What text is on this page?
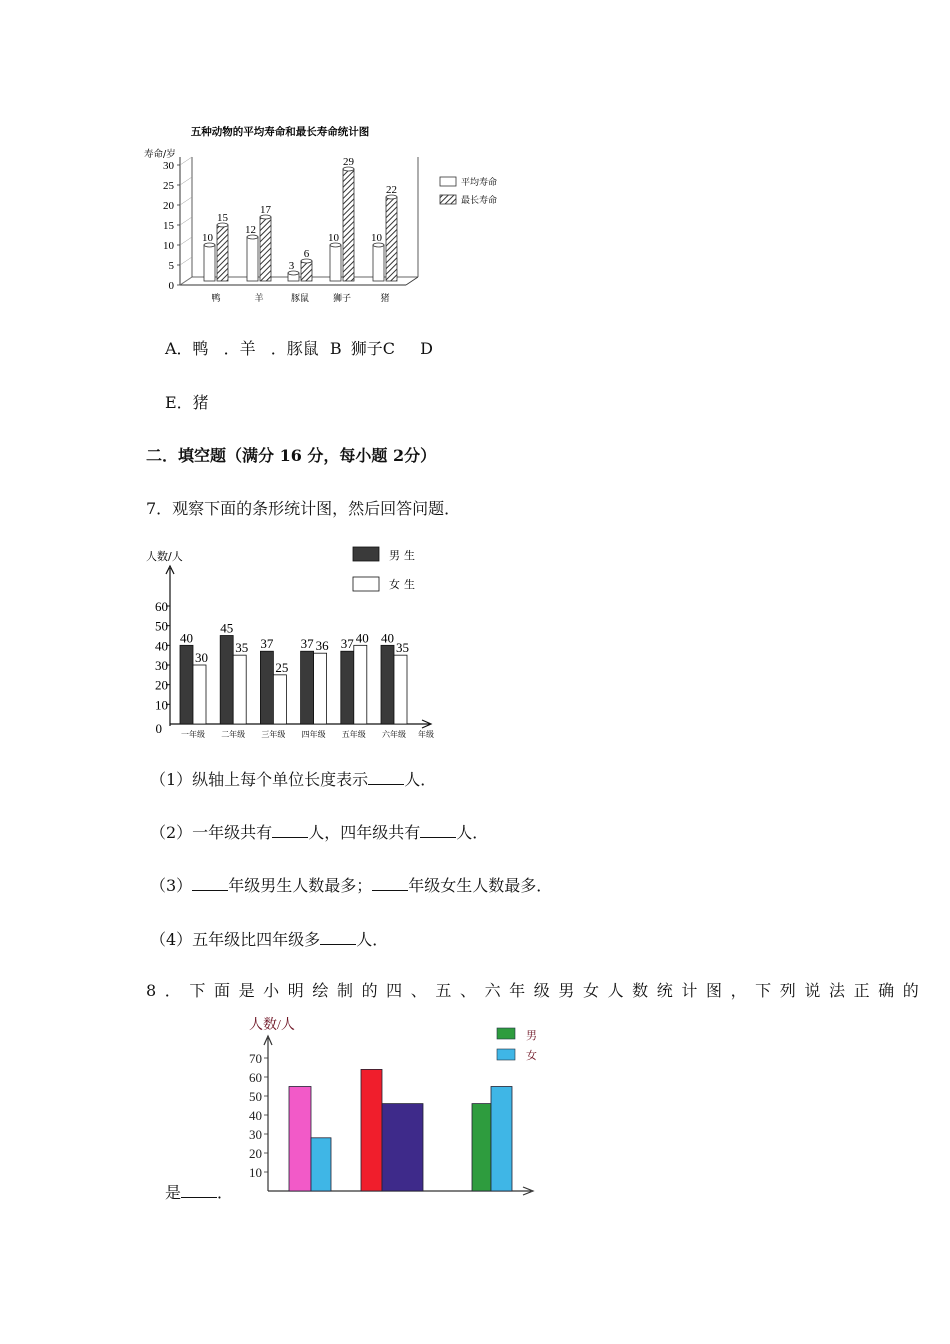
五种动物的平均寿命和最长寿命统计图
寿命/岁
0
5
10
15
20
25
30
10
15
鸭
12
17
羊
3
6
豚鼠
10
29
狮子
10
22
猪
平均寿命
最长寿命
A．鸭 ．羊 ．豚鼠 B 狮子C D
E．猪
二．填空题（满分 16 分，每小题 2分）
7．观察下面的条形统计图，然后回答问题．
人数/人	男生
女生
0
10
20
30
40
50
60
40
30
一年级
45
35
二年级
37
25
三年级
37 36
四年级
37 40
五年级
40
35
六年级 年级
（1）纵轴上每个单位长度表示 人．
（2）一年级共有 人，四年级共有 人．
（3） 年级男生人数最多； 年级女生人数最多．
（4）五年级比四年级多 人．
8．下面是小明绘制的四、五、六年级男女人数统计图，下列说法正确的
人数/人
男
女
10
20
30
40
50
60
70
是 ．
